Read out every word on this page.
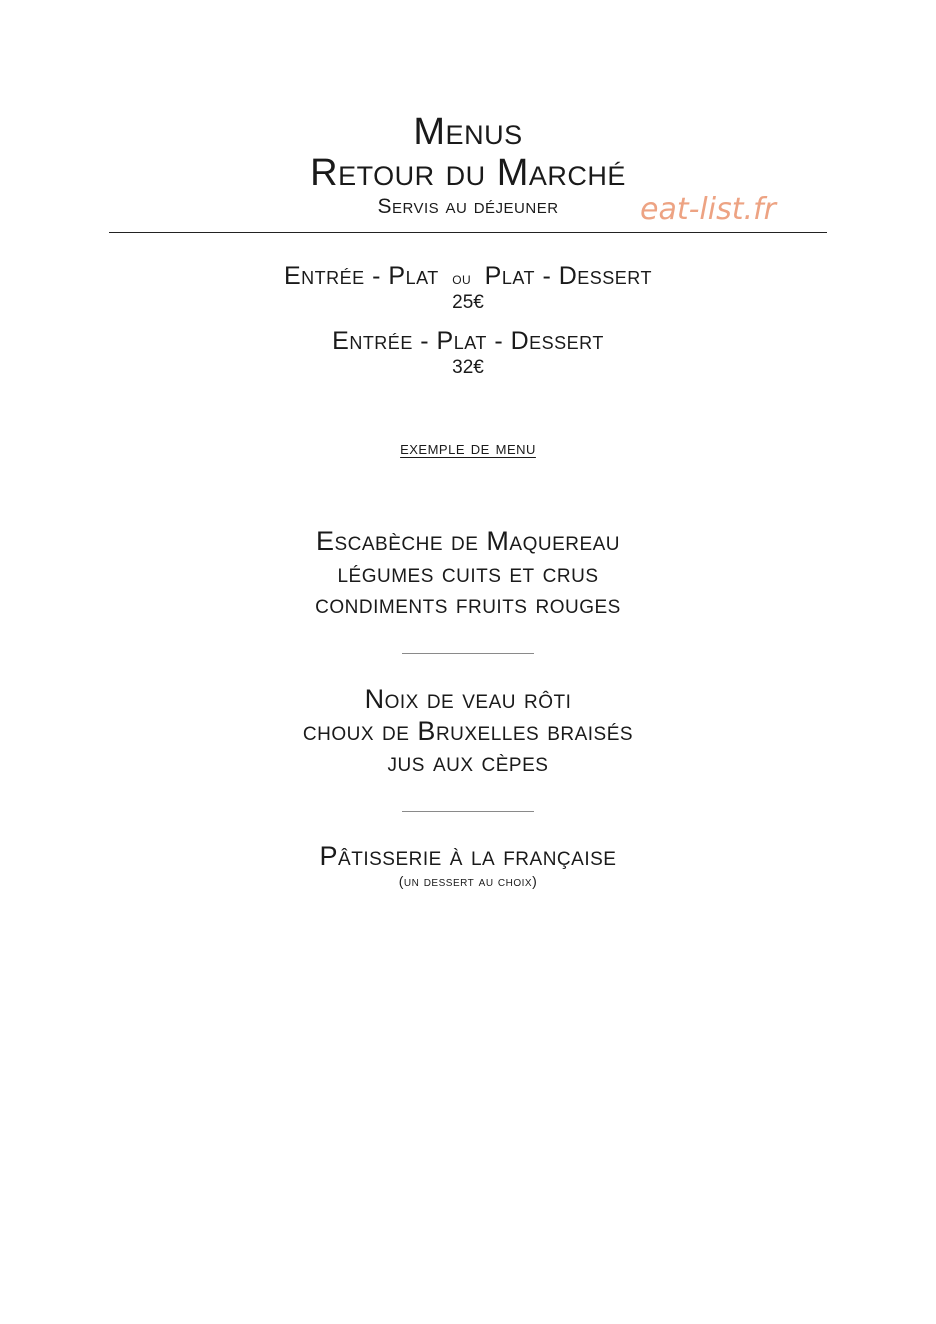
Menus
Retour du Marché
Servis au déjeuner	eat-list.fr
Entrée - Plat ou Plat - Dessert
25€
Entrée - Plat - Dessert
32€
exemple de menu
Escabèche de Maquereau
légumes cuits et crus
condiments fruits rouges
Noix de veau rôti
choux de Bruxelles braisés
jus aux cèpes
Pâtisserie à la française
(un dessert au choix)
